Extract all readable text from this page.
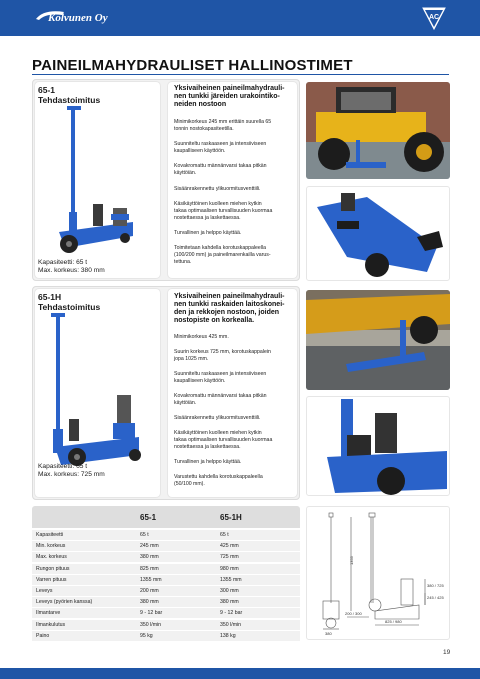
Kolvunen Oy	AC
PAINEILMAHYDRAULISET HALLINOSTIMET
65-1
Tehdastoimitus
Kapasiteetti: 65 t
Max. korkeus: 380 mm
Yksivaiheinen paineilmahydrauli-
nen tunkki järeiden urakointiko-
neiden nostoon
Minimikorkeus 245 mm erittäin suurella 65
tonnin nostokapasiteetilla.
Suunniteltu raskaaseen ja intensiiviseen
kaupalliseen käyttöön.
Kovakromattu männänvarsi takaa pitkän
käyttöiän.
Sisäänrakennettu ylikuormitusventtiili.
Käsikäyttöinen kuolleen miehen kytkin
takaa optimaalisen turvallisuuden kuormaa
nostettaessa ja laskettaessa.
Turvallinen ja helppo käyttää.
Toimitetaan kahdella korotuskappaleella
(100/200 mm) ja paineilmarenkailla varus-
tettuna.
65-1H
Tehdastoimitus
Kapasiteetti: 65 t
Max. korkeus: 725 mm
Yksivaiheinen paineilmahydrauli-
nen tunkki raskaiden laitoskonei-
den ja rekkojen nostoon, joiden
nostopiste on korkealla.
Minimikorkeus 425 mm.
Suurin korkeus 725 mm, korotuskappalein
jopa 1025 mm.
Suunniteltu raskaaseen ja intensiiviseen
kaupalliseen käyttöön.
Kovakromattu männänvarsi takaa pitkän
käyttöiän.
Sisäänrakennettu ylikuormitusventtiili.
Käsikäyttöinen kuolleen miehen kytkin
takaa optimaalisen turvallisuuden kuormaa
nostettaessa ja laskettaessa.
Turvallinen ja helppo käyttää.
Varustettu kahdella korotuskappaleella
(50/100 mm).
65-1	65-1H
Kapasiteetti	65 t	65 t
Min. korkeus	245 mm	425 mm
Max. korkeus	380 mm	725 mm
Rungon pituus	825 mm	980 mm
Varren pituus	1355 mm	1355 mm
Leveys	200 mm	300 mm
Leveys (pyörien kanssa)	380 mm	380 mm
Ilmantarve	9 - 12 bar	9 - 12 bar
Ilmankulutus	350 l/min	350 l/min
Paino	95 kg	138 kg
1355
380 / 725
245 / 425
200 / 300
825 / 980
380
19
